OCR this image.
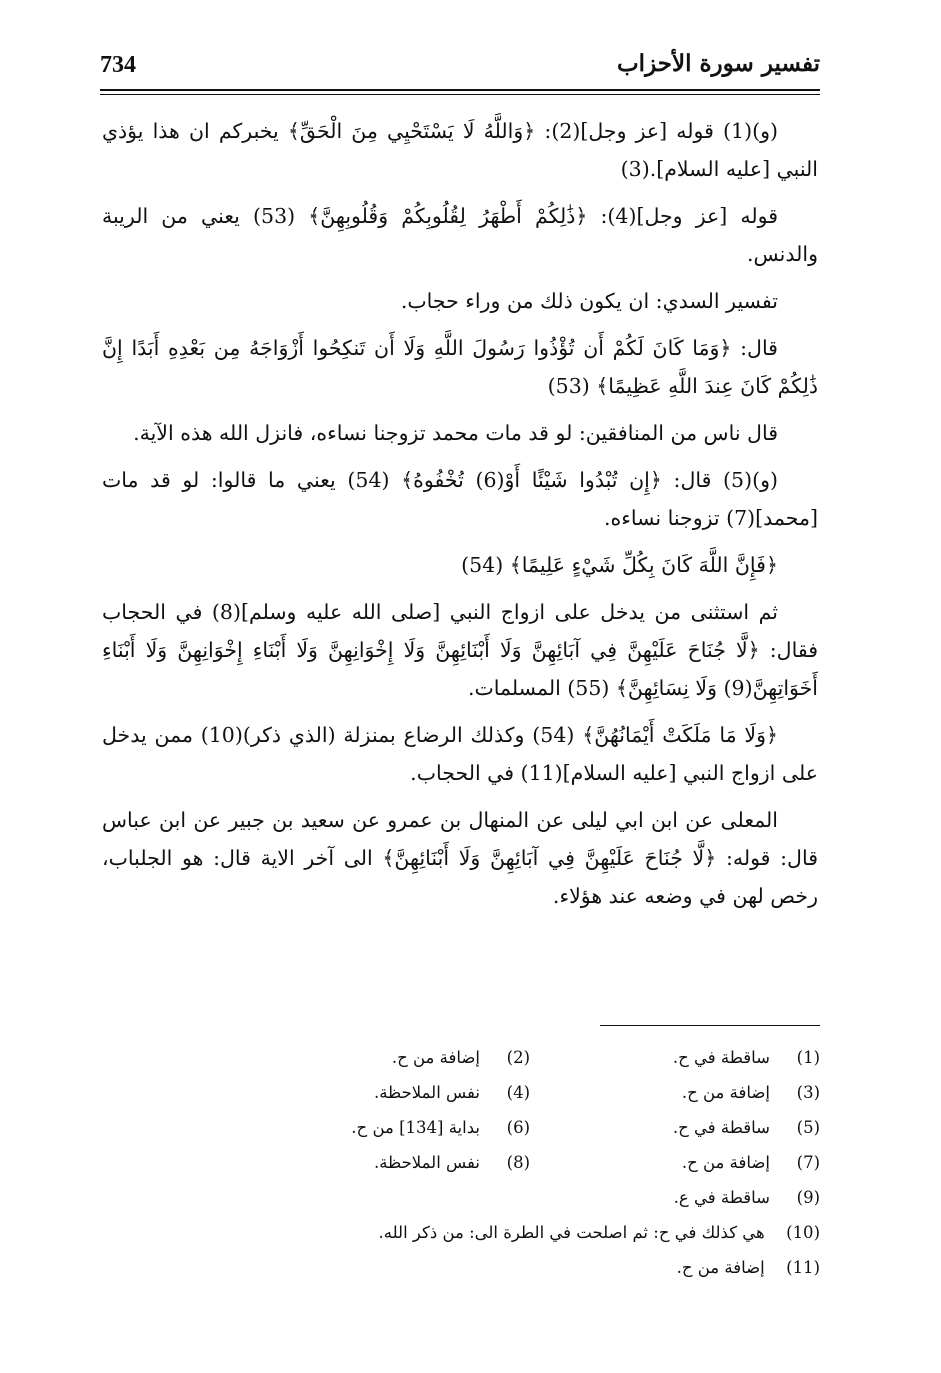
734	تفسير سورة الأحزاب

(و)(1) قوله [عز وجل](2): ﴿وَاللَّهُ لَا يَسْتَحْيِي مِنَ الْحَقِّ﴾ يخبركم ان هذا يؤذي النبي [عليه السلام].(3)

قوله [عز وجل](4): ﴿ذَٰلِكُمْ أَطْهَرُ لِقُلُوبِكُمْ وَقُلُوبِهِنَّ﴾ (53) يعني من الريبة والدنس.

تفسير السدي: ان يكون ذلك من وراء حجاب.

قال: ﴿وَمَا كَانَ لَكُمْ أَن تُؤْذُوا رَسُولَ اللَّهِ وَلَا أَن تَنكِحُوا أَزْوَاجَهُ مِن بَعْدِهِ أَبَدًا إِنَّ ذَٰلِكُمْ كَانَ عِندَ اللَّهِ عَظِيمًا﴾ (53)

قال ناس من المنافقين: لو قد مات محمد تزوجنا نساءه، فانزل الله هذه الآية.

(و)(5) قال: ﴿إِن تُبْدُوا شَيْئًا أَوْ(6) تُخْفُوهُ﴾ (54) يعني ما قالوا: لو قد مات [محمد](7) تزوجنا نساءه.

﴿فَإِنَّ اللَّهَ كَانَ بِكُلِّ شَيْءٍ عَلِيمًا﴾ (54)

ثم استثنى من يدخل على ازواج النبي [صلى الله عليه وسلم](8) في الحجاب فقال: ﴿لَّا جُنَاحَ عَلَيْهِنَّ فِي آبَائِهِنَّ وَلَا أَبْنَائِهِنَّ وَلَا إِخْوَانِهِنَّ وَلَا أَبْنَاءِ إِخْوَانِهِنَّ وَلَا أَبْنَاءِ أَخَوَاتِهِنَّ(9) وَلَا نِسَائِهِنَّ﴾ (55) المسلمات.

﴿وَلَا مَا مَلَكَتْ أَيْمَانُهُنَّ﴾ (54) وكذلك الرضاع بمنزلة (الذي ذكر)(10) ممن يدخل على ازواج النبي [عليه السلام](11) في الحجاب.

المعلى عن ابن ابي ليلى عن المنهال بن عمرو عن سعيد بن جبير عن ابن عباس قال: قوله: ﴿لَّا جُنَاحَ عَلَيْهِنَّ فِي آبَائِهِنَّ وَلَا أَبْنَائِهِنَّ﴾ الى آخر الاية قال: هو الجلباب، رخص لهن في وضعه عند هؤلاء.

(1)
ساقطة في ح.
(2)
إضافة من ح.
(3)
إضافة من ح.
(4)
نفس الملاحظة.
(5)
ساقطة في ح.
(6)
بداية [134] من ح.
(7)
إضافة من ح.
(8)
نفس الملاحظة.
(9)
ساقطة في ع.
(10) هي كذلك في ح: ثم اصلحت في الطرة الى: من ذكر الله.
(11) إضافة من ح.
